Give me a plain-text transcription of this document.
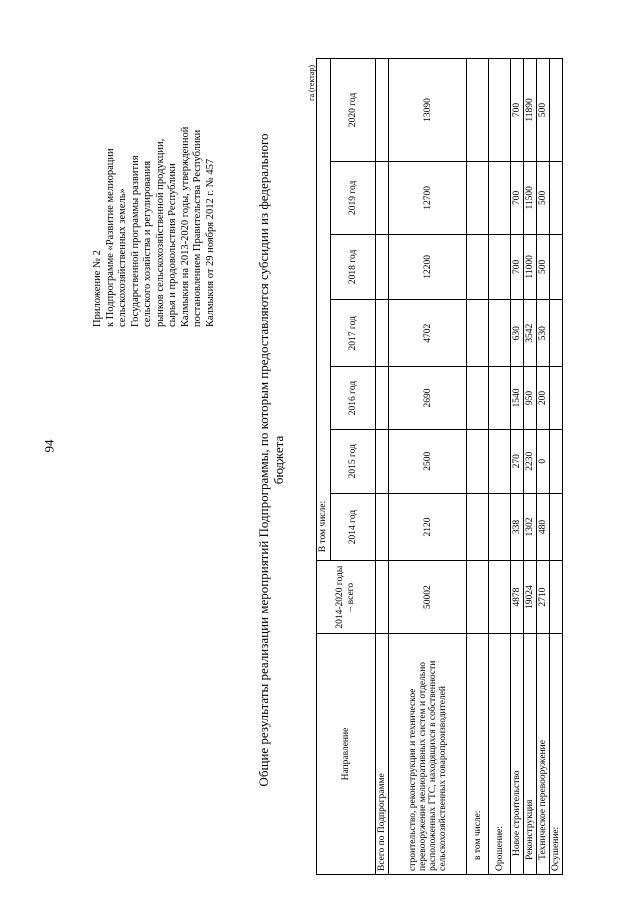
94
Приложение № 2 к Подпрограмме «Развитие мелиорации сельскохозяйственных земель» Государственной программы развития сельского хозяйства и регулирования рынков сельскохозяйственной продукции, сырья и продовольствия Республики Калмыкия на 2013-2020 годы, утвержденной постановлением Правительства Республики Калмыкия от 29 ноября 2012 г. № 457	Общие результаты реализации мероприятий Подпрограммы, по которым предоставляются субсидии из федерального бюджета
га (гектар)
Направление	2014-2020 годы – всего	В том числе:						
		2014 год	2015 год	2016 год	2017 год	2018 год	2019 год	2020 год
Всего по Подпрограмме								
строительство, реконструкция и техническое перевооружение мелиоративных систем и отдельно расположенных ГТС, находящихся в собственности сельскохозяйственных товаропроизводителей	50002	2120	2500	2690	4702	12200	12700	13090
в том числе:								
Орошение:								
Новое строительство	4878	338	270	1540	630	700	700	700
Реконструкция	19024	1302	2230	950	3542	11000	11500	11890
Техническое перевооружение	2710	480	0	200	530	500	500	500
Осушение:								
